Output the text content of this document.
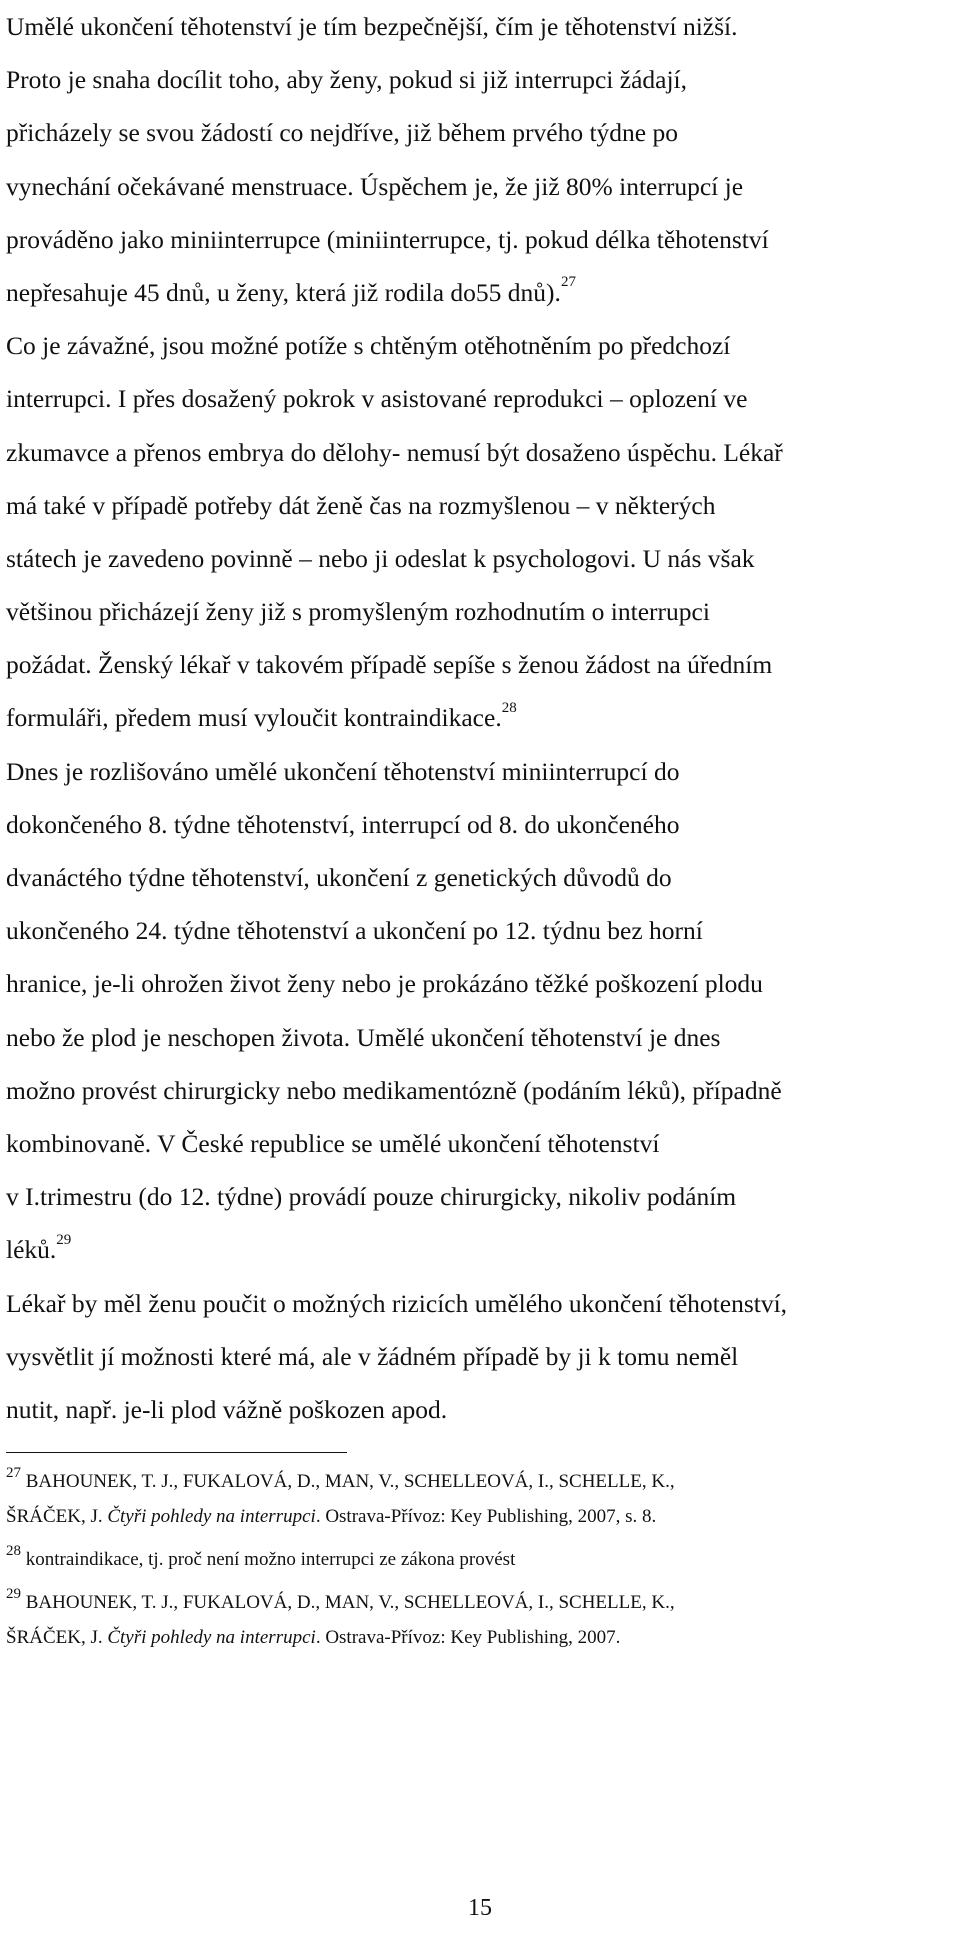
Umělé ukončení těhotenství je tím bezpečnější, čím je těhotenství nižší.
Proto je snaha docílit toho, aby ženy, pokud si již interrupci žádají,
přicházely se svou žádostí co nejdříve, již během prvého týdne po
vynechání očekávané menstruace. Úspěchem je, že již 80% interrupcí je
prováděno jako miniinterrupce (miniinterrupce, tj. pokud délka těhotenství
nepřesahuje 45 dnů, u ženy, která již rodila do55 dnů).$^{27}$
Co je závažné, jsou možné potíže s chtěným otěhotněním po předchozí
interrupci. I přes dosažený pokrok v asistované reprodukci – oplození ve
zkumavce a přenos embrya do dělohy- nemusí být dosaženo úspěchu. Lékař
má také v případě potřeby dát ženě čas na rozmyšlenou – v některých
státech je zavedeno povinně – nebo ji odeslat k psychologovi. U nás však
většinou přicházejí ženy již s promyšleným rozhodnutím o interrupci
požádat. Ženský lékař v takovém případě sepíše s ženou žádost na úředním
formuláři, předem musí vyloučit kontraindikace.$^{28}$
Dnes je rozlišováno umělé ukončení těhotenství miniinterrupcí do
dokončeného 8. týdne těhotenství, interrupcí od 8. do ukončeného
dvanáctého týdne těhotenství, ukončení z genetických důvodů do
ukončeného 24. týdne těhotenství a ukončení po 12. týdnu bez horní
hranice, je-li ohrožen život ženy nebo je prokázáno těžké poškození plodu
nebo že plod je neschopen života. Umělé ukončení těhotenství je dnes
možno provést chirurgicky nebo medikamentózně (podáním léků), případně
kombinovaně. V České republice se umělé ukončení těhotenství
v I.trimestru (do 12. týdne) provádí pouze chirurgicky, nikoliv podáním
léků.$^{29}$
Lékař by měl ženu poučit o možných rizicích umělého ukončení těhotenství,
vysvětlit jí možnosti které má, ale v žádném případě by ji k tomu neměl
nutit, např. je-li plod vážně poškozen apod.
$^{27}$ BAHOUNEK, T. J., FUKALOVÁ, D., MAN, V., SCHELLEOVÁ, I., SCHELLE, K.,
ŠRÁČEK, J. Čtyři pohledy na interrupci. Ostrava-Přívoz: Key Publishing, 2007, s. 8.
$^{28}$ kontraindikace, tj. proč není možno interrupci ze zákona provést
$^{29}$ BAHOUNEK, T. J., FUKALOVÁ, D., MAN, V., SCHELLEOVÁ, I., SCHELLE, K.,
ŠRÁČEK, J. Čtyři pohledy na interrupci. Ostrava-Přívoz: Key Publishing, 2007.
15
